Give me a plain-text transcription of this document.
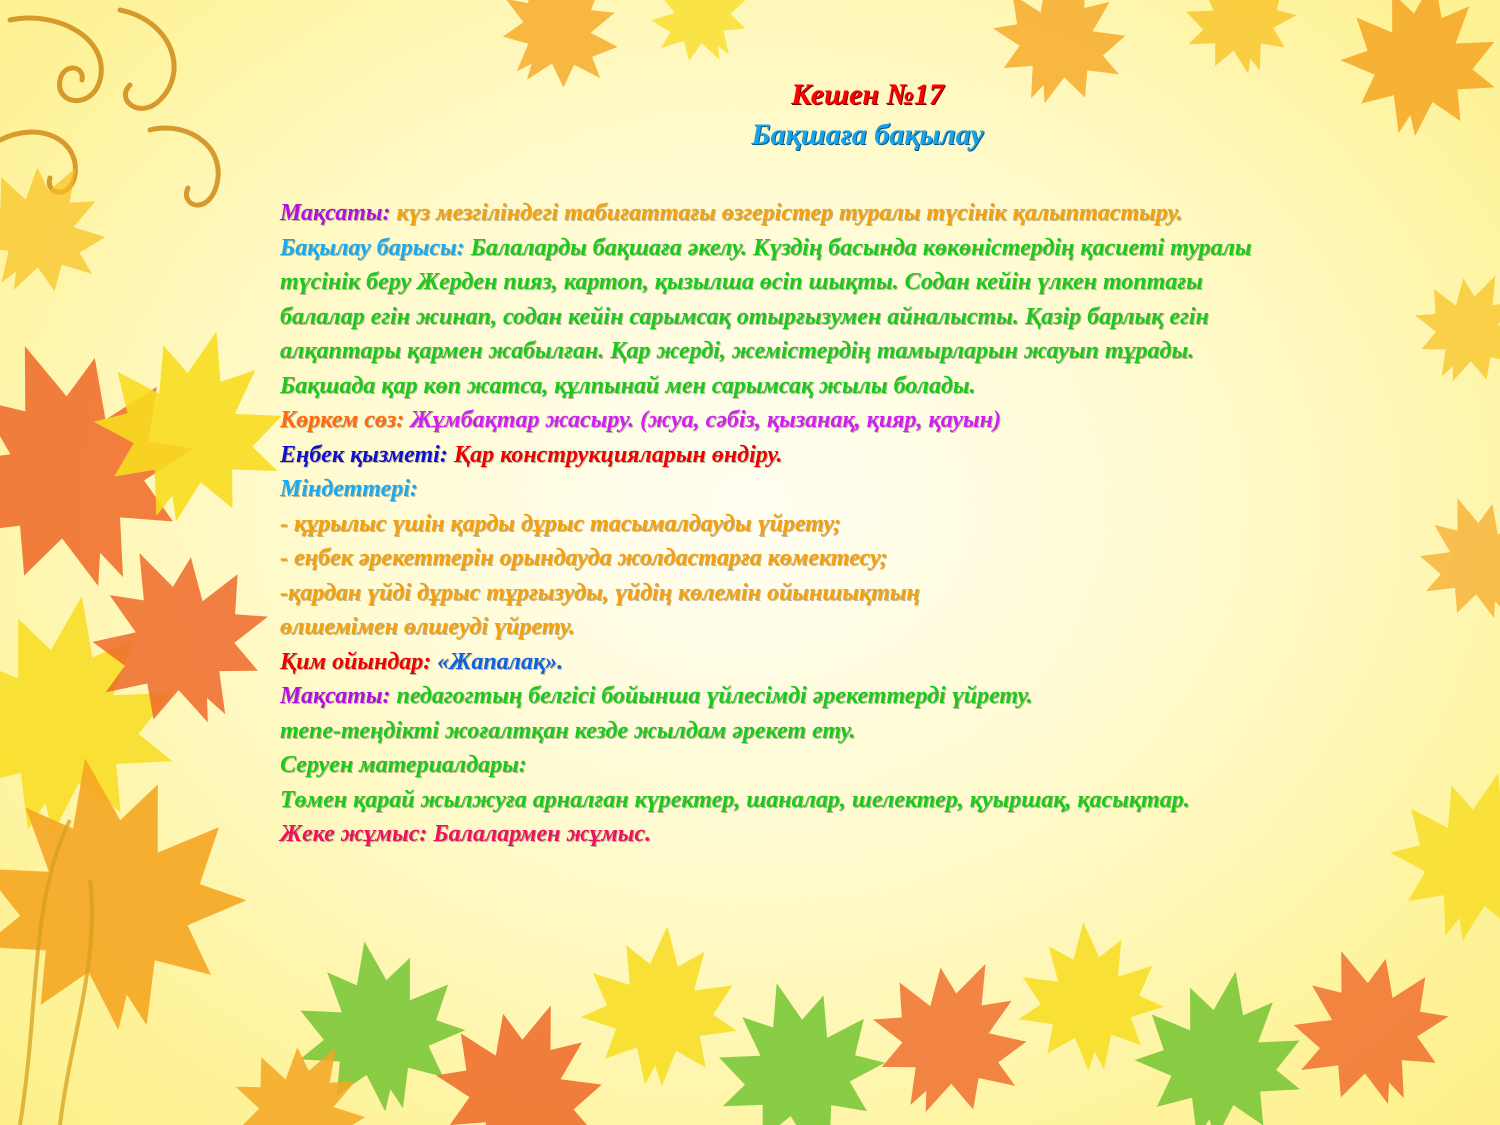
Кешен №17

Бақшаға бақылау

Мақсаты: күз мезгіліндегі табиғаттағы өзгерістер туралы түсінік қалыптастыру.

Бақылау барысы: Балаларды бақшаға әкелу. Күздің басында көкөністердің қасиеті туралы

түсінік беру Жерден пияз, картоп, қызылша өсіп шықты. Содан кейін үлкен топтағы

балалар егін жинап, содан кейін сарымсақ отырғызумен айналысты. Қазір барлық егін

алқаптары қармен жабылған. Қар жерді, жемістердің тамырларын жауып тұрады.

Бақшада қар көп жатса, құлпынай мен сарымсақ жылы болады.

Көркем сөз: Жұмбақтар жасыру. (жуа, сәбіз, қызанақ, қияр, қауын)

Еңбек қызметі: Қар конструкцияларын өндіру.

Міндеттері:

- құрылыс үшін қарды дұрыс тасымалдауды үйрету;

- еңбек әрекеттерін орындауда жолдастарға көмектесу;

-қардан үйді дұрыс тұрғызуды, үйдің көлемін ойыншықтың

өлшемімен өлшеуді үйрету.

Қим ойындар: «Жапалақ».

Мақсаты: педагогтың белгісі бойынша үйлесімді әрекеттерді үйрету.

тепе-теңдікті жоғалтқан кезде жылдам әрекет ету.

Серуен материалдары:

Төмен қарай жылжуға арналған күректер, шаналар, шелектер, қуыршақ, қасықтар.

Жеке жұмыс: Балалармен жұмыс.
